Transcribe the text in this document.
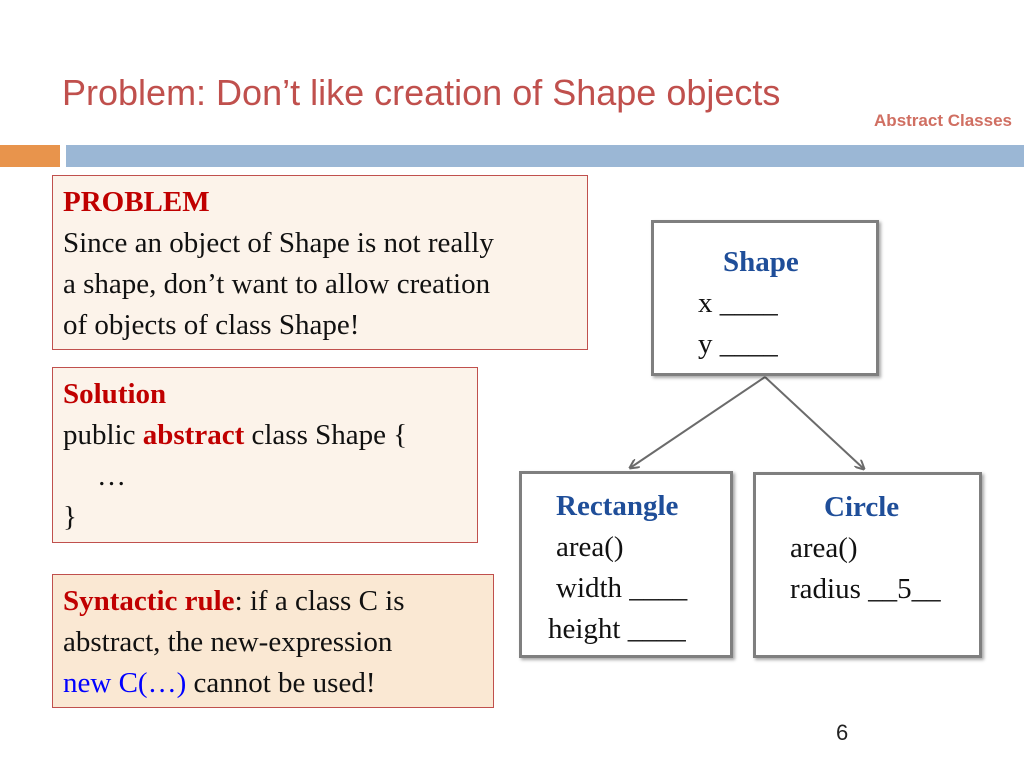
Problem: Don’t like creation of Shape objects
Abstract Classes
PROBLEM
Since an object of Shape is not really
a shape, don’t want to allow creation
of objects of class Shape!
Solution
public abstract class Shape {
…
}
Syntactic rule: if a class C is
abstract, the new-expression
new C(…) cannot be used!
Shape
x ____
y ____
Rectangle
area()
width ____
height ____
Circle
area()
radius __5__
6
